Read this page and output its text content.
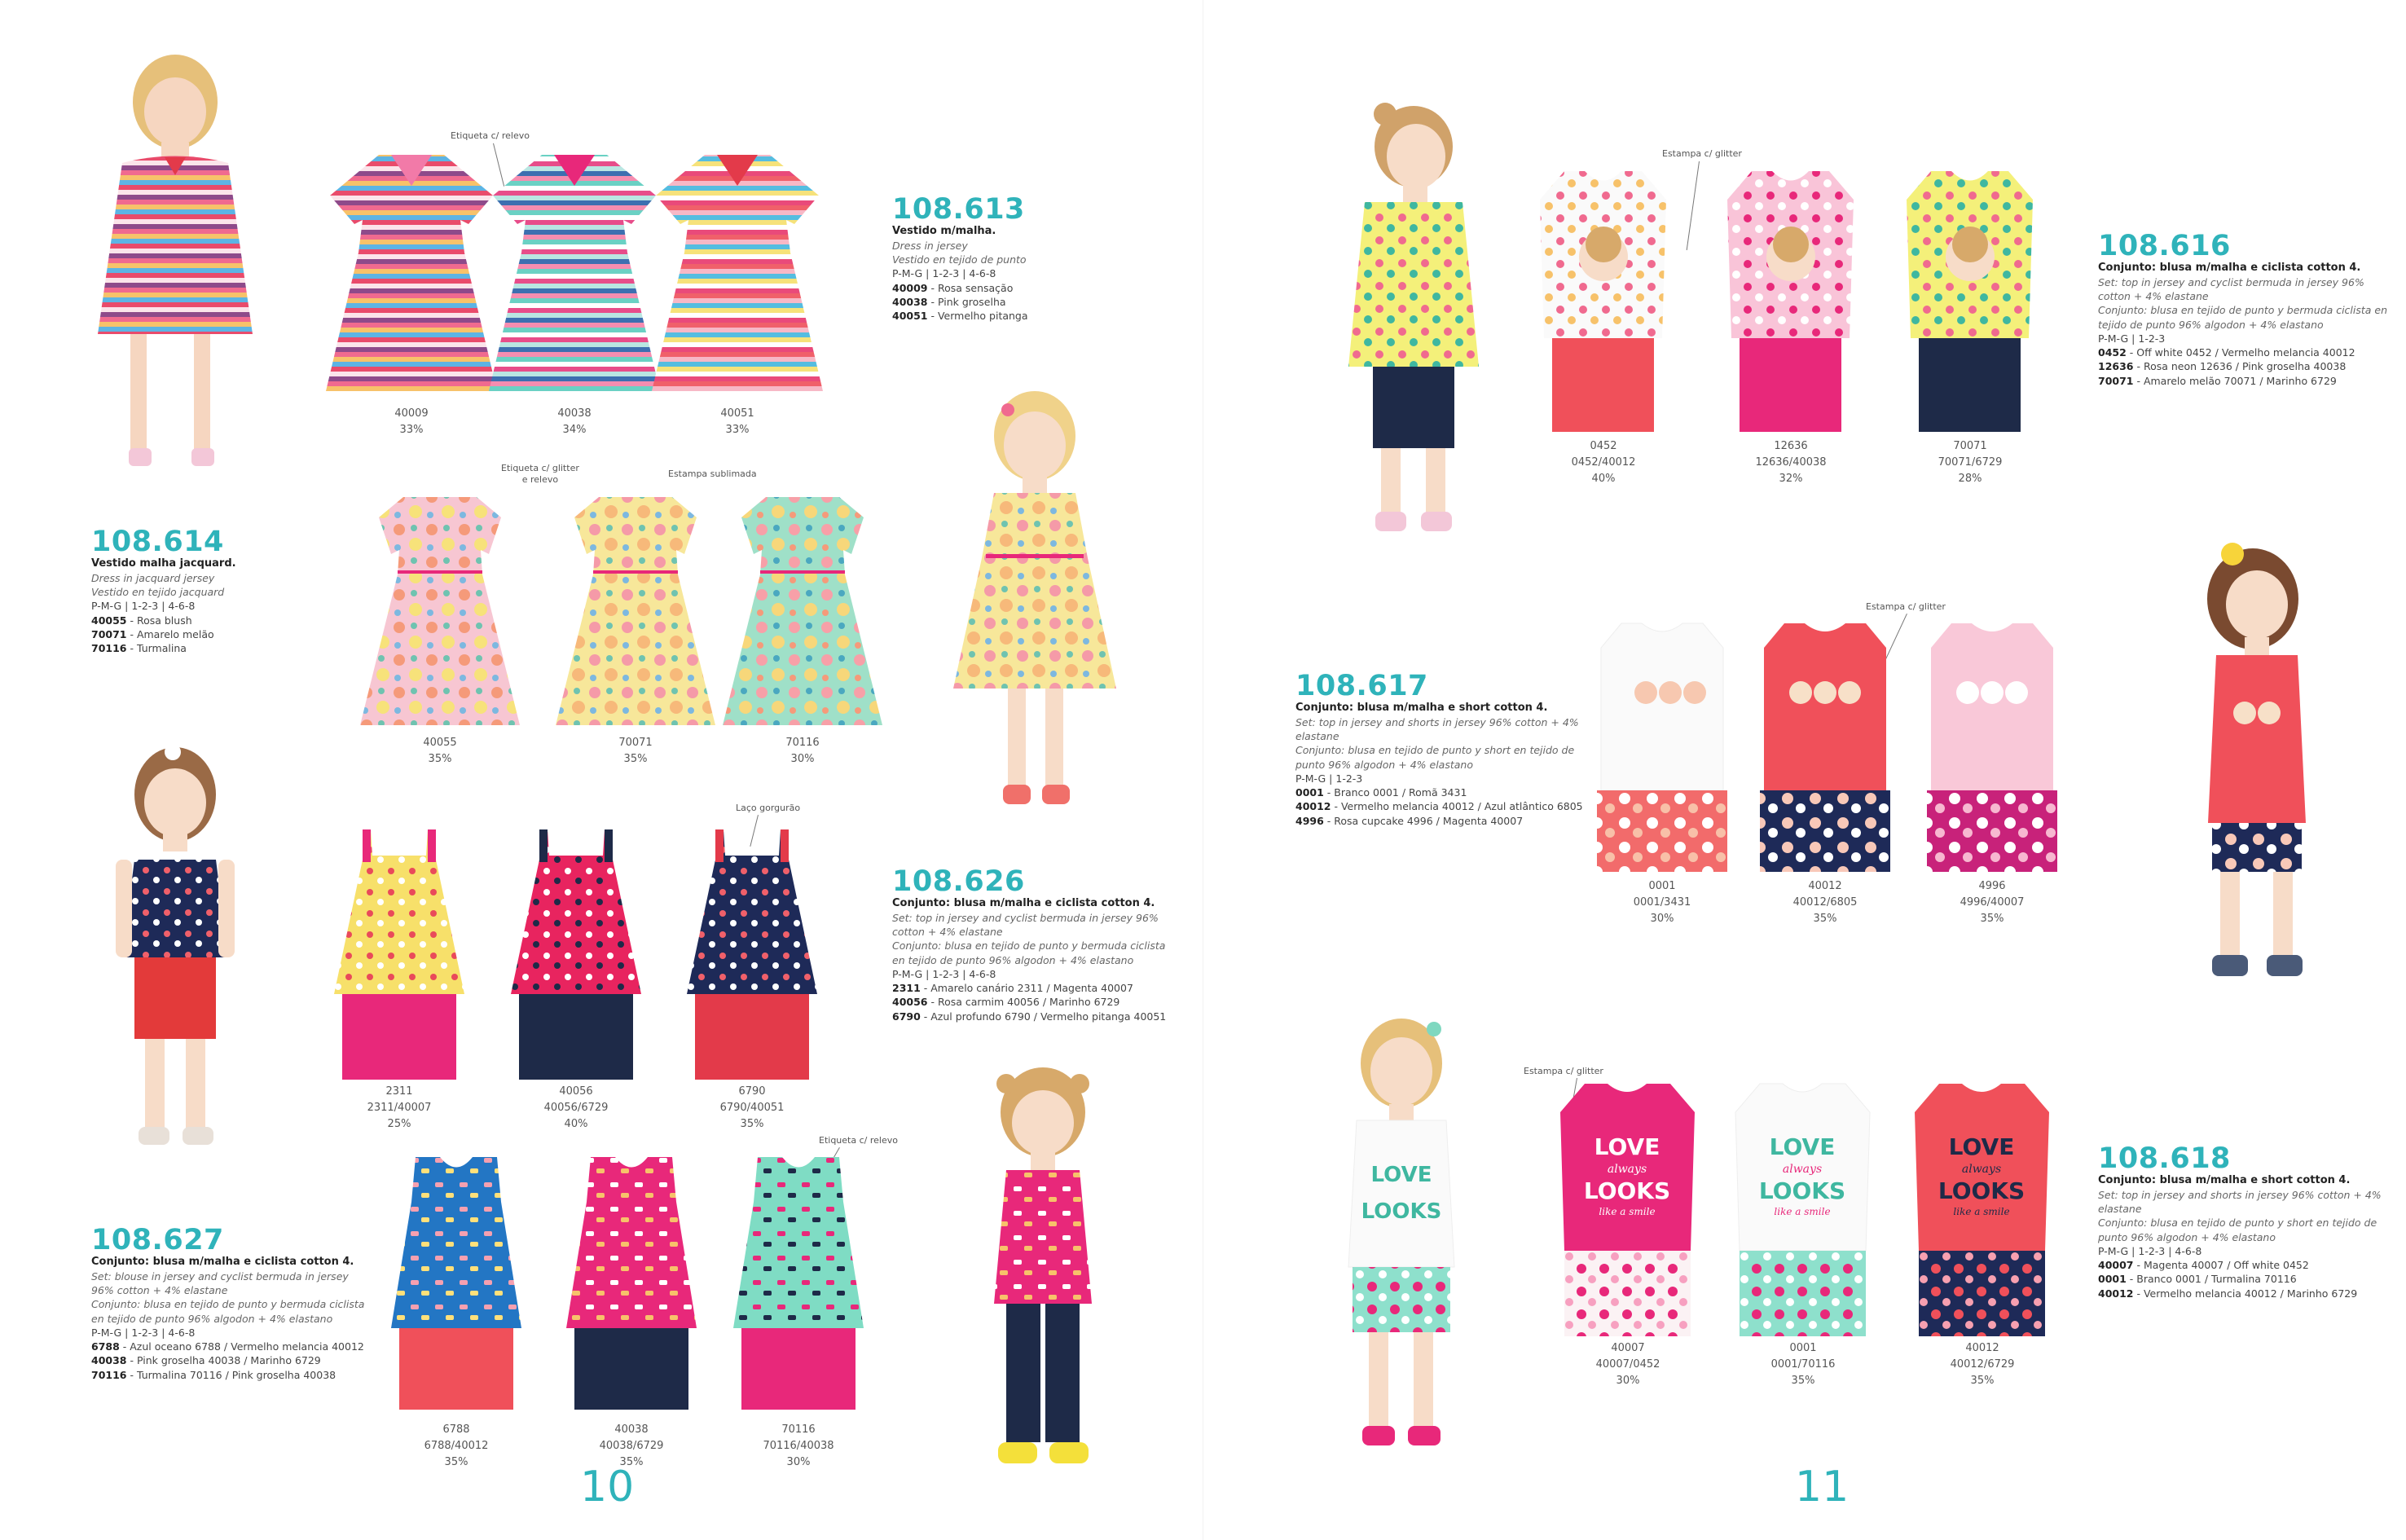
Etiqueta c/ relevo
40009
33%
40038
34%
40051
33%
108.613
Vestido m/malha.
Dress in jersey
Vestido en tejido de punto
P-M-G | 1-2-3 | 4-6-8
40009 - Rosa sensação
40038 - Pink groselha
40051 - Vermelho pitanga
108.614
Vestido malha jacquard.
Dress in jacquard jersey
Vestido en tejido jacquard
P-M-G | 1-2-3 | 4-6-8
40055 - Rosa blush
70071 - Amarelo melão
70116 - Turmalina
Etiqueta c/ glitter
e relevo
Estampa sublimada
40055
35%
70071
35%
70116
30%
Laço gorgurão
2311
2311/40007
25%
40056
40056/6729
40%
6790
6790/40051
35%
108.626
Conjunto: blusa m/malha e ciclista cotton 4.
Set: top in jersey and cyclist bermuda in jersey 96% cotton + 4% elastane
Conjunto: blusa en tejido de punto y bermuda ciclista en tejido de punto 96% algodon + 4% elastano
P-M-G | 1-2-3 | 4-6-8
2311 - Amarelo canário 2311 / Magenta 40007
40056 - Rosa carmim 40056 / Marinho 6729
6790 - Azul profundo 6790 / Vermelho pitanga 40051
108.627
Conjunto: blusa m/malha e ciclista cotton 4.
Set: blouse in jersey and cyclist bermuda in jersey 96% cotton + 4% elastane
Conjunto: blusa en tejido de punto y bermuda ciclista en tejido de punto 96% algodon + 4% elastano
P-M-G | 1-2-3 | 4-6-8
6788 - Azul oceano 6788 / Vermelho melancia 40012
40038 - Pink groselha 40038 / Marinho 6729
70116 - Turmalina 70116 / Pink groselha 40038
Etiqueta c/ relevo
6788
6788/40012
35%
40038
40038/6729
35%
70116
70116/40038
30%
10
Estampa c/ glitter
0452
0452/40012
40%
12636
12636/40038
32%
70071
70071/6729
28%
108.616
Conjunto: blusa m/malha e ciclista cotton 4.
Set: top in jersey and cyclist bermuda in jersey 96% cotton + 4% elastane
Conjunto: blusa en tejido de punto y bermuda ciclista en tejido de punto 96% algodon + 4% elastano
P-M-G | 1-2-3
0452 - Off white 0452 / Vermelho melancia 40012
12636 - Rosa neon 12636 / Pink groselha 40038
70071 - Amarelo melão 70071 / Marinho 6729
108.617
Conjunto: blusa m/malha e short cotton 4.
Set: top in jersey and shorts in jersey 96% cotton + 4% elastane
Conjunto: blusa en tejido de punto y short en tejido de punto 96% algodon + 4% elastano
P-M-G | 1-2-3
0001 - Branco 0001 / Romã 3431
40012 - Vermelho melancia 40012 / Azul atlântico 6805
4996 - Rosa cupcake 4996 / Magenta 40007
Estampa c/ glitter
0001
0001/3431
30%
40012
40012/6805
35%
4996
4996/40007
35%
LOVE
LOOKS
Estampa c/ glitter
LOVE
always
LOOKS
like a smile
40007
40007/0452
30%
LOVE
always
LOOKS
like a smile
0001
0001/70116
35%
LOVE
always
LOOKS
like a smile
40012
40012/6729
35%
108.618
Conjunto: blusa m/malha e short cotton 4.
Set: top in jersey and shorts in jersey 96% cotton + 4% elastane
Conjunto: blusa en tejido de punto y short en tejido de punto 96% algodon + 4% elastano
P-M-G | 1-2-3 | 4-6-8
40007 - Magenta 40007 / Off white 0452
0001 - Branco 0001 / Turmalina 70116
40012 - Vermelho melancia 40012 / Marinho 6729
11
